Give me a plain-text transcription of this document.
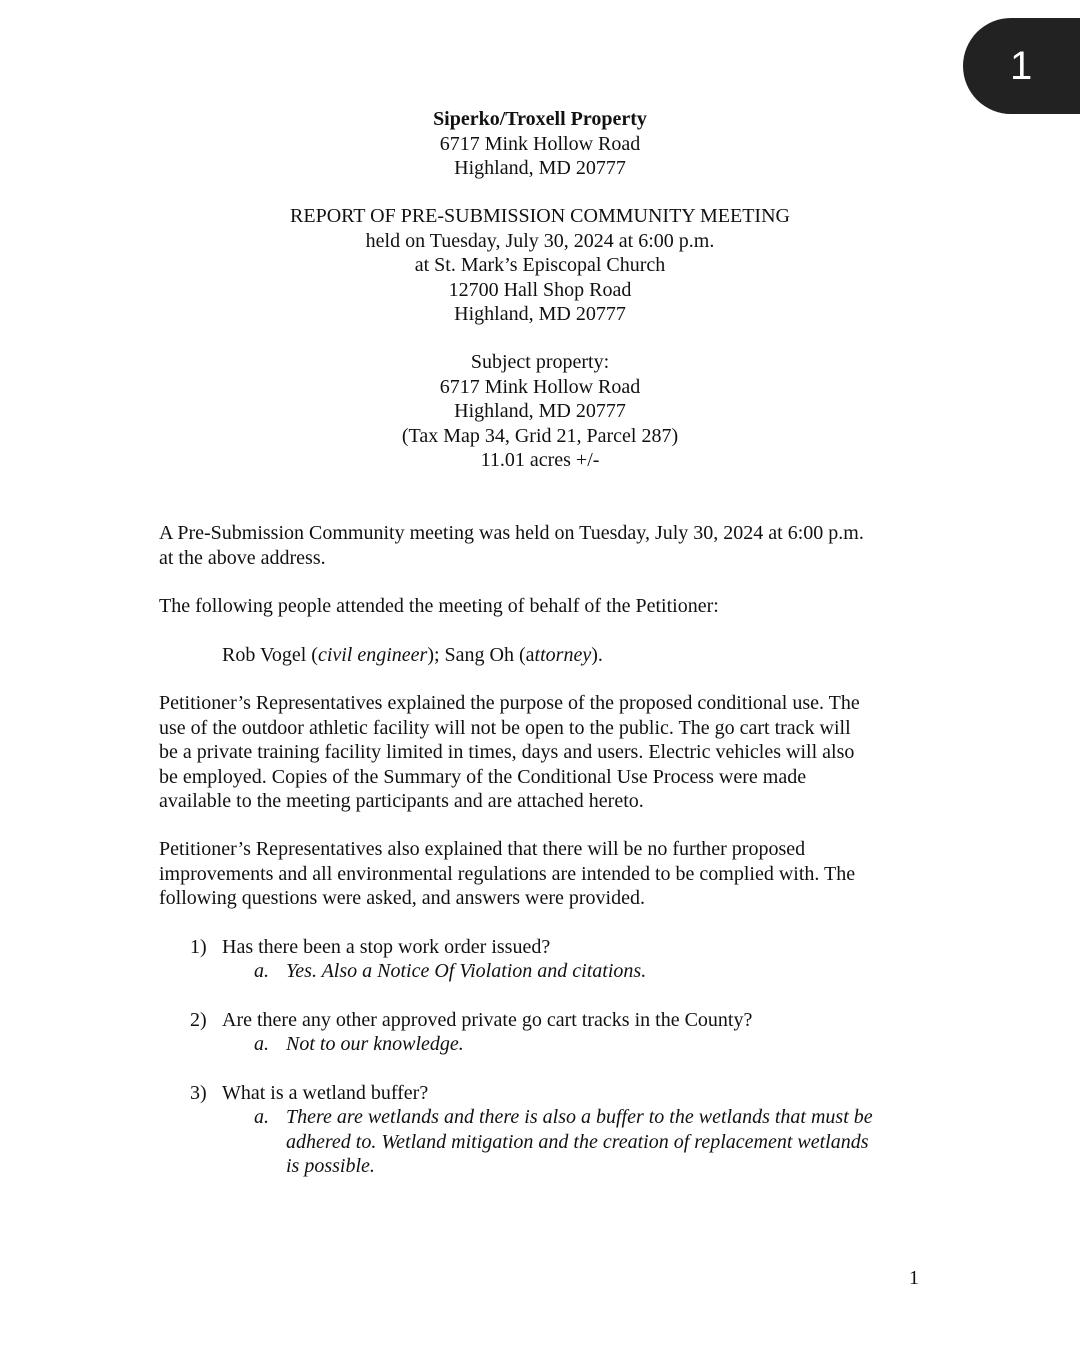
1
Siperko/Troxell Property
6717 Mink Hollow Road
Highland, MD 20777
REPORT OF PRE-SUBMISSION COMMUNITY MEETING
held on Tuesday, July 30, 2024 at 6:00 p.m.
at St. Mark’s Episcopal Church
12700 Hall Shop Road
Highland, MD 20777
Subject property:
6717 Mink Hollow Road
Highland, MD 20777
(Tax Map 34, Grid 21, Parcel 287)
11.01 acres +/-
A Pre-Submission Community meeting was held on Tuesday, July 30, 2024 at 6:00 p.m.
at the above address.
The following people attended the meeting of behalf of the Petitioner:
Rob Vogel (civil engineer); Sang Oh (attorney).
Petitioner’s Representatives explained the purpose of the proposed conditional use. The
use of the outdoor athletic facility will not be open to the public. The go cart track will
be a private training facility limited in times, days and users. Electric vehicles will also
be employed. Copies of the Summary of the Conditional Use Process were made
available to the meeting participants and are attached hereto.
Petitioner’s Representatives also explained that there will be no further proposed
improvements and all environmental regulations are intended to be complied with. The
following questions were asked, and answers were provided.
1) Has there been a stop work order issued?
a. Yes. Also a Notice Of Violation and citations.
2) Are there any other approved private go cart tracks in the County?
a. Not to our knowledge.
3) What is a wetland buffer?
a. There are wetlands and there is also a buffer to the wetlands that must be
adhered to. Wetland mitigation and the creation of replacement wetlands
is possible.
1
